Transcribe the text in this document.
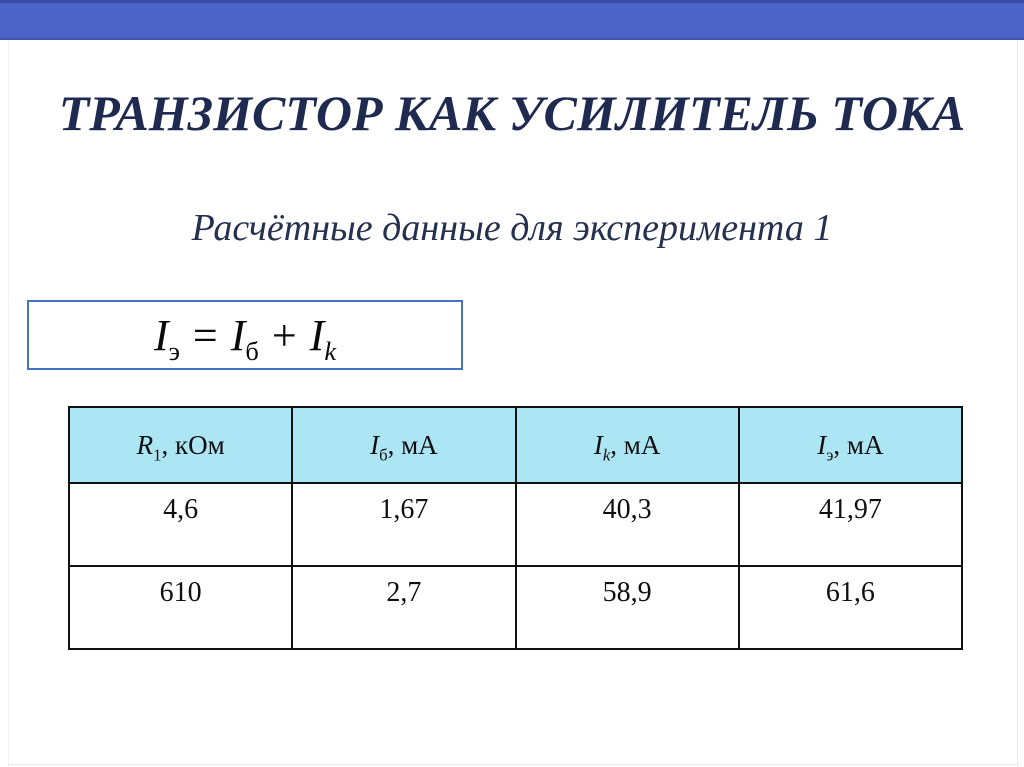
ТРАНЗИСТОР КАК УСИЛИТЕЛЬ ТОКА
Расчётные данные для эксперимента 1
$I_э = I_б + I_k$
$R_1$, кОм	$I_б$, мА	$I_k$, мА	$I_э$, мА
4,6	1,67	40,3	41,97
610	2,7	58,9	61,6
